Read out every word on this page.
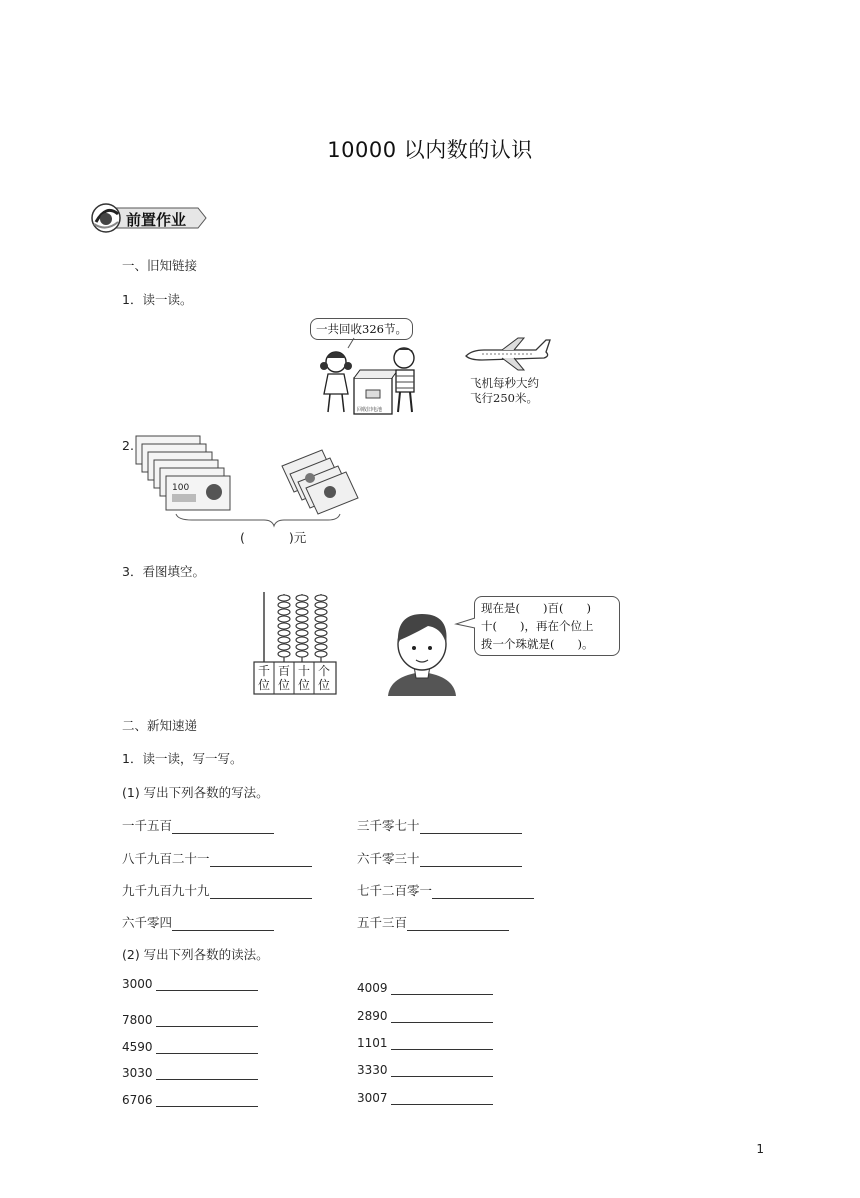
10000 以内数的认识
前置作业
一、旧知链接
1．读一读。
一共回收326节。
回收旧电池
飞机每秒大约
飞行250米。
2.
100
(	)元
3．看图填空。
千
位
百
位
十
位
个
位
现在是(　　)百(　　)
十(　　)，再在个位上
拨一个珠就是(　　)。
二、新知速递
1．读一读，写一写。
(1) 写出下列各数的写法。
一千五百
八千九百二十一
九千九百九十九
六千零四
三千零七十
六千零三十
七千二百零一
五千三百
(2) 写出下列各数的读法。
3000
7800
4590
3030
6706
4009
2890
1101
3330
3007
1
